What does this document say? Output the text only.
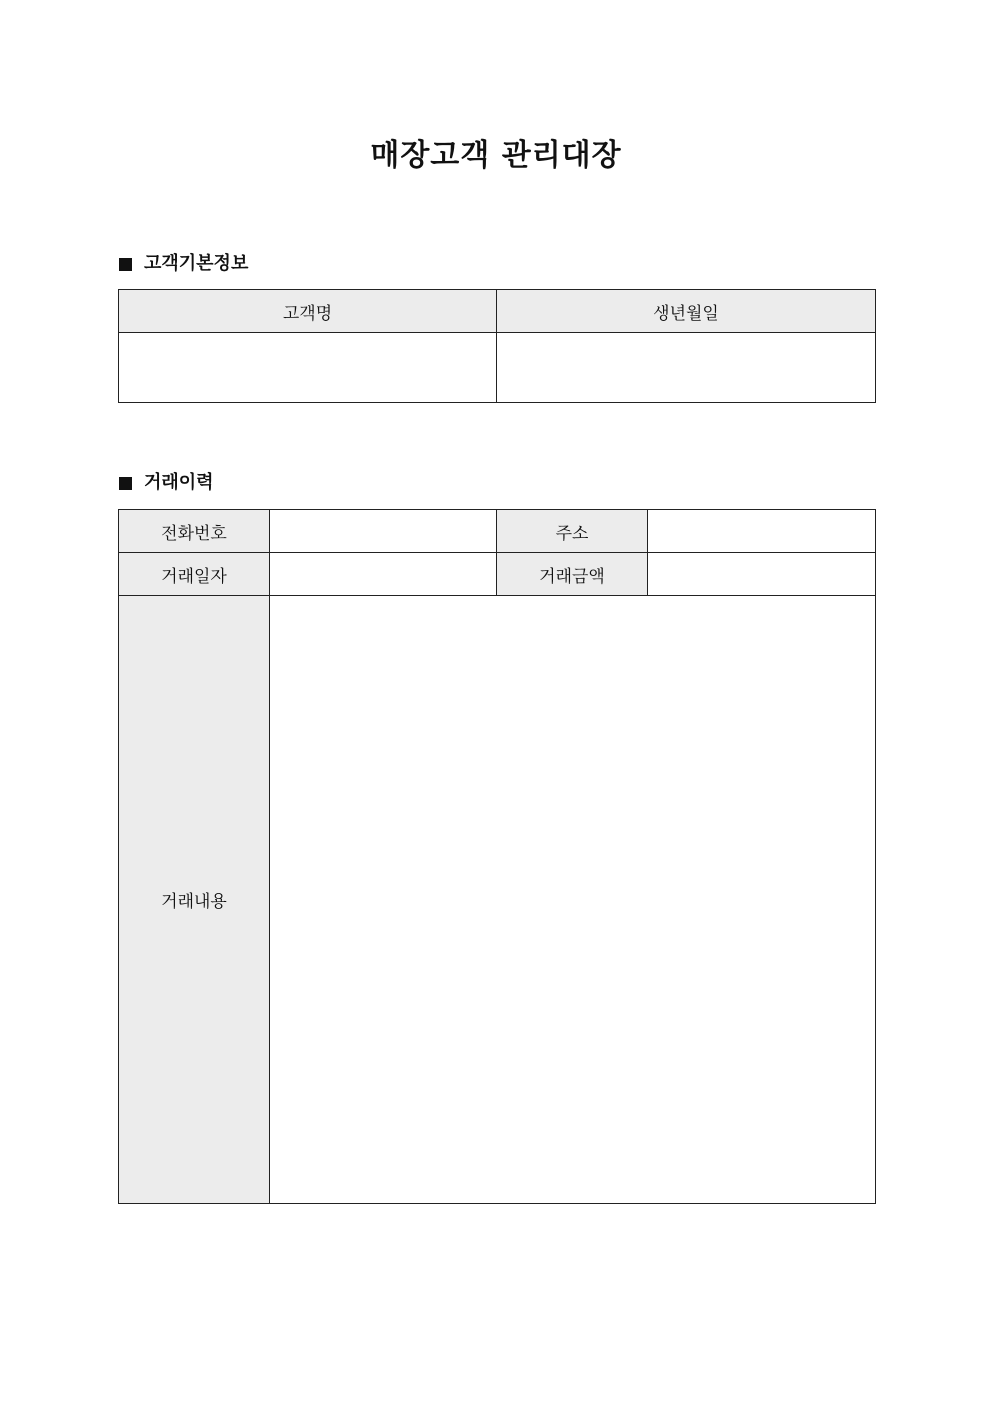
매장고객 관리대장
고객기본정보
고객명	생년월일

거래이력
전화번호		주소	
거래일자		거래금액	
거래내용			
